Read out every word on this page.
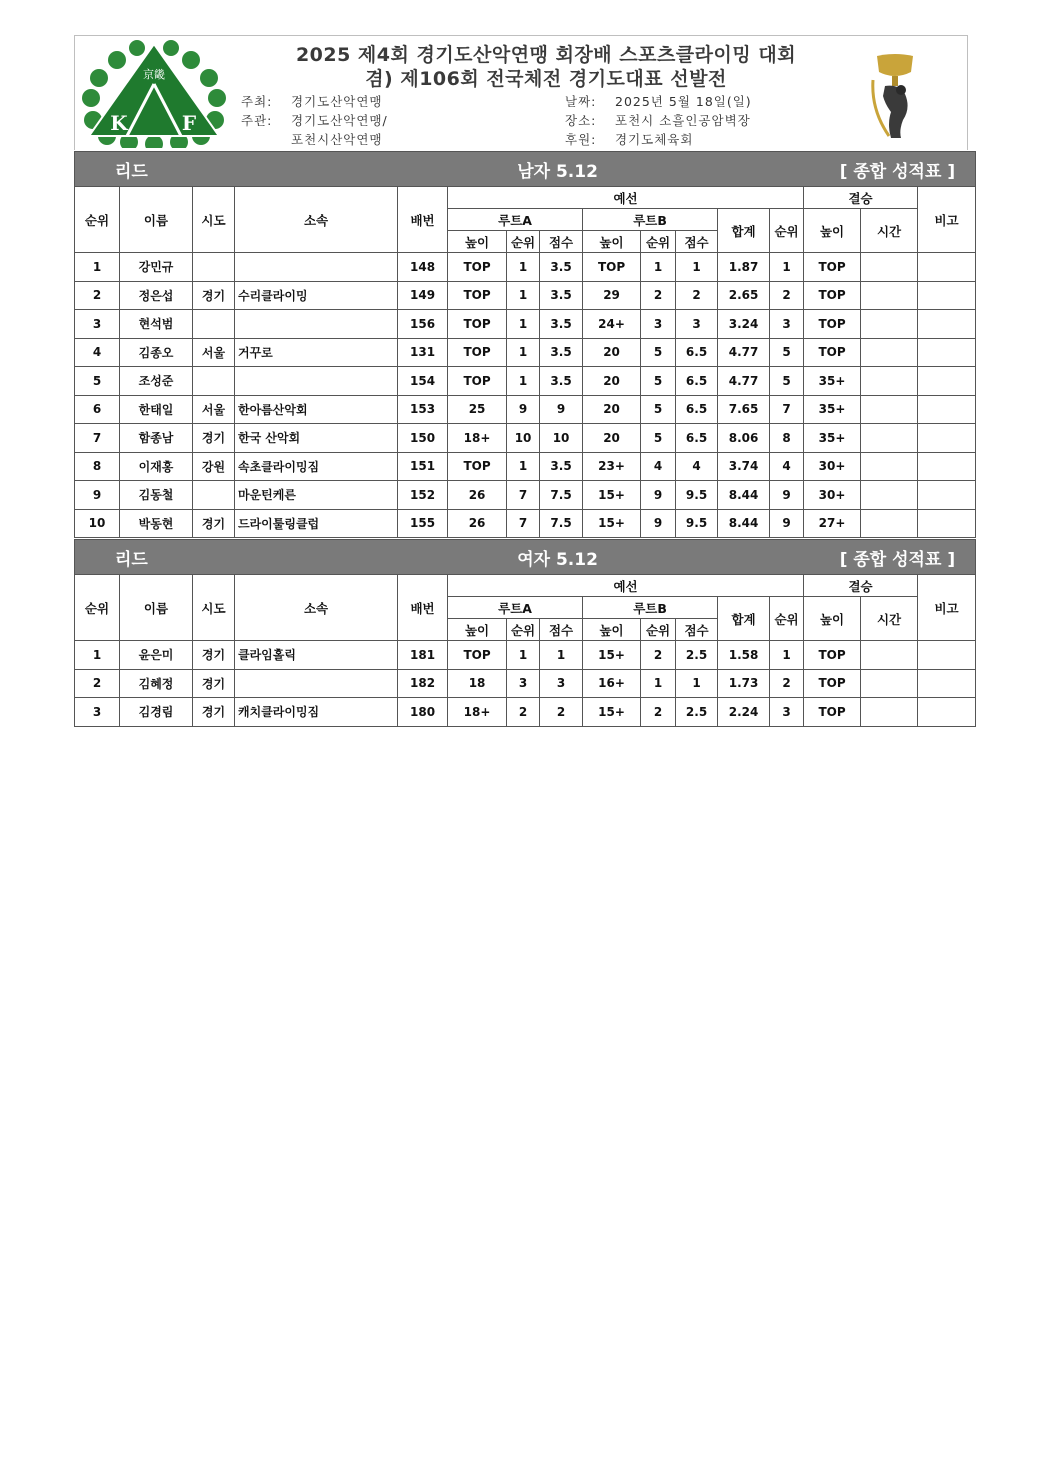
京畿
K	F
2025 제4회 경기도산악연맹 회장배 스포츠클라이밍 대회
겸) 제106회 전국체전 경기도대표 선발전
주최: 경기도산악연맹
주관: 경기도산악연맹/
포천시산악연맹
날짜: 2025년 5월 18일(일)
장소: 포천시 소흘인공암벽장
후원: 경기도체육회
리드				남자 5.12							[ 종합 성적표 ]				
순위	이름	시도	소속	배번	예선								결승		비고
					루트A			루트B			합계	순위	높이	시간	
					높이	순위	점수	높이	순위	점수					
1	강민규			148	TOP	1	3.5	TOP	1	1	1.87	1	TOP		
2	정은섭	경기	수리클라이밍	149	TOP	1	3.5	29	2	2	2.65	2	TOP		
3	현석범			156	TOP	1	3.5	24+	3	3	3.24	3	TOP		
4	김종오	서울	거꾸로	131	TOP	1	3.5	20	5	6.5	4.77	5	TOP		
5	조성준			154	TOP	1	3.5	20	5	6.5	4.77	5	35+		
6	한태일	서울	한아름산악회	153	25	9	9	20	5	6.5	7.65	7	35+		
7	함종남	경기	한국 산악회	150	18+	10	10	20	5	6.5	8.06	8	35+		
8	이재홍	강원	속초클라이밍짐	151	TOP	1	3.5	23+	4	4	3.74	4	30+		
9	김동철		마운틴케른	152	26	7	7.5	15+	9	9.5	8.44	9	30+		
10	박동현	경기	드라이툴링클럽	155	26	7	7.5	15+	9	9.5	8.44	9	27+		
리드				여자 5.12							[ 종합 성적표 ]				
순위	이름	시도	소속	배번	예선								결승		비고
					루트A			루트B			합계	순위	높이	시간	
					높이	순위	점수	높이	순위	점수					
1	윤은미	경기	클라임홀릭	181	TOP	1	1	15+	2	2.5	1.58	1	TOP		
2	김혜정	경기		182	18	3	3	16+	1	1	1.73	2	TOP		
3	김경림	경기	캐치클라이밍짐	180	18+	2	2	15+	2	2.5	2.24	3	TOP		
